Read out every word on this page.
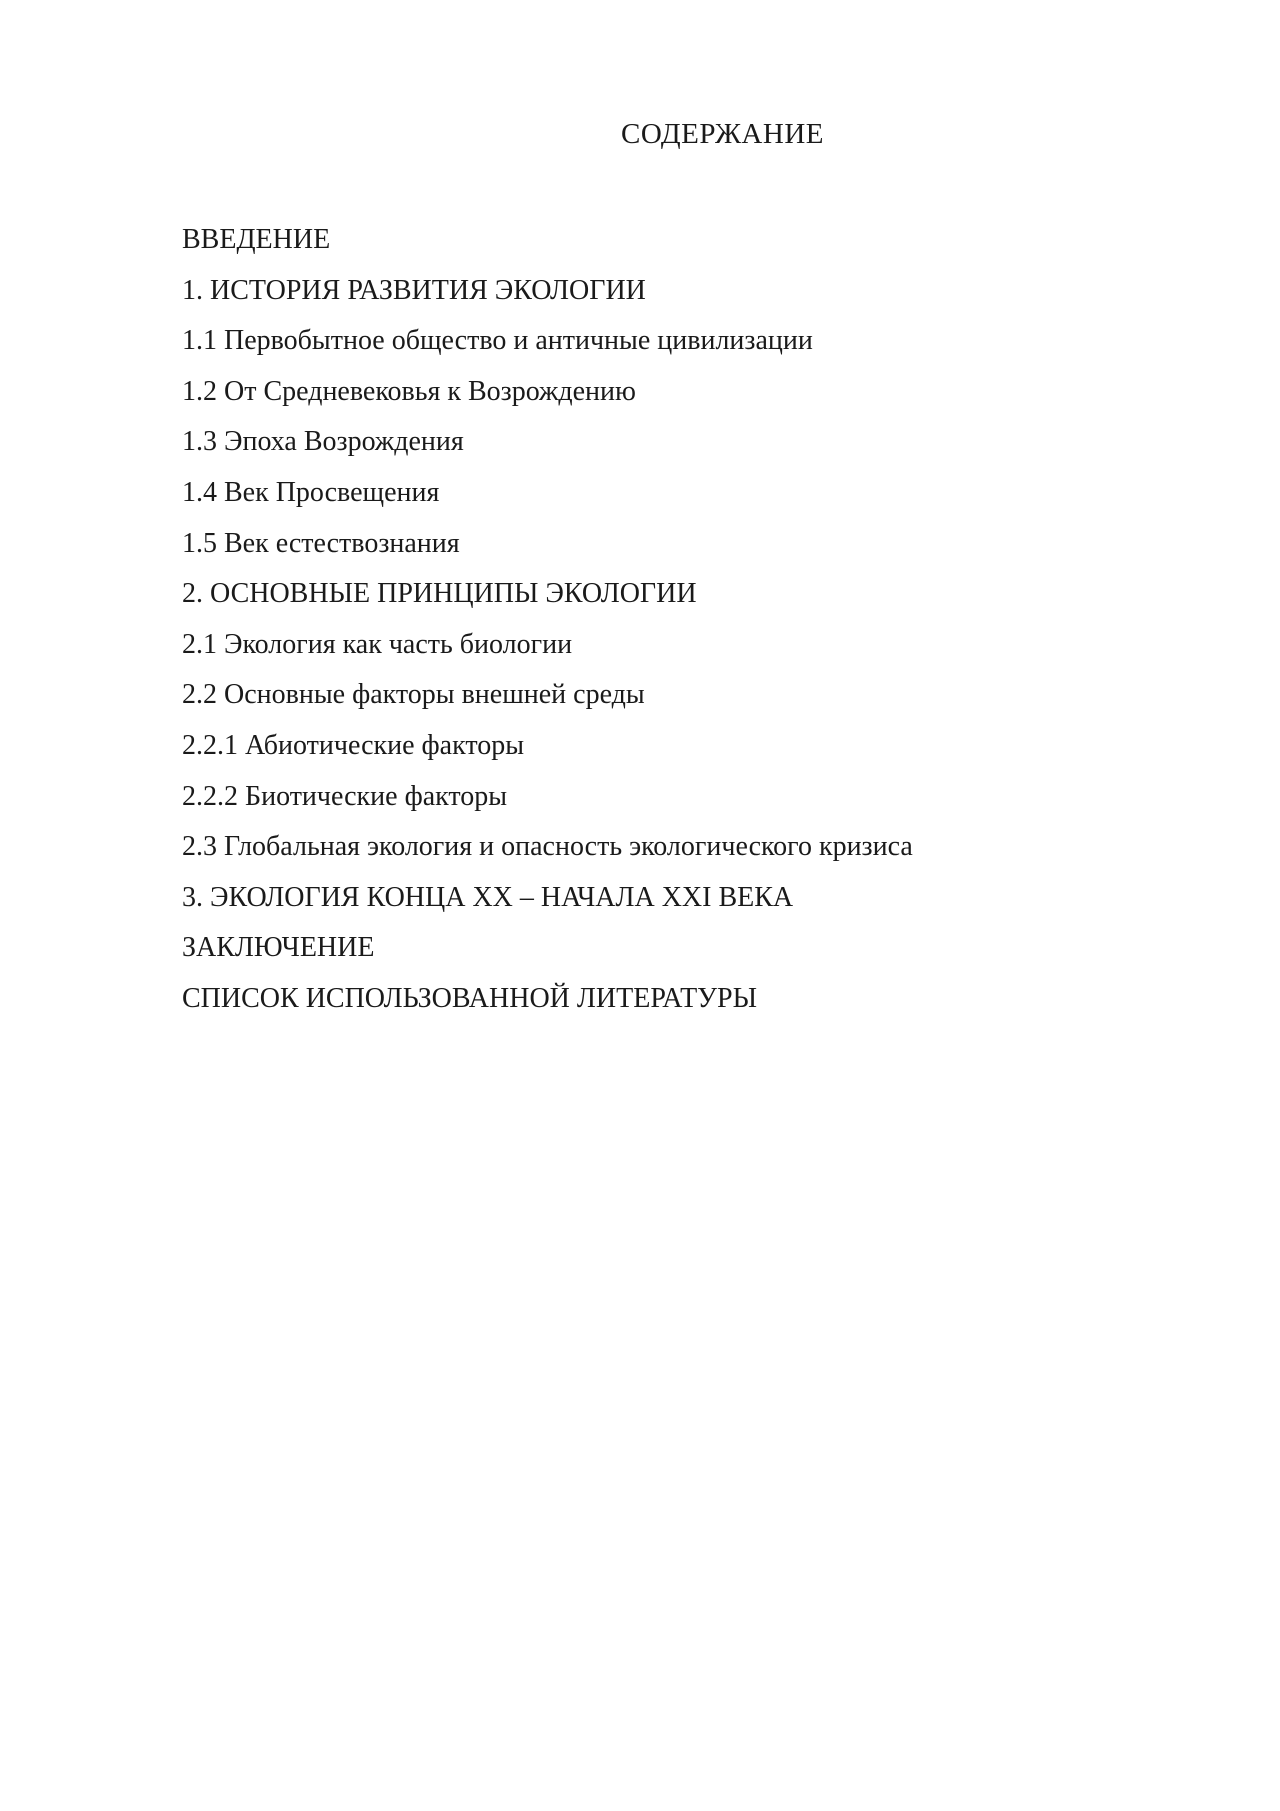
СОДЕРЖАНИЕ
ВВЕДЕНИЕ
1. ИСТОРИЯ РАЗВИТИЯ ЭКОЛОГИИ
1.1 Первобытное общество и античные цивилизации
1.2 От Средневековья к Возрождению
1.3 Эпоха Возрождения
1.4 Век Просвещения
1.5 Век естествознания
2. ОСНОВНЫЕ ПРИНЦИПЫ ЭКОЛОГИИ
2.1 Экология как часть биологии
2.2 Основные факторы внешней среды
2.2.1 Абиотические факторы
2.2.2 Биотические факторы
2.3 Глобальная экология и опасность экологического кризиса
3. ЭКОЛОГИЯ КОНЦА XX – НАЧАЛА XXI ВЕКА
ЗАКЛЮЧЕНИЕ
СПИСОК ИСПОЛЬЗОВАННОЙ ЛИТЕРАТУРЫ
